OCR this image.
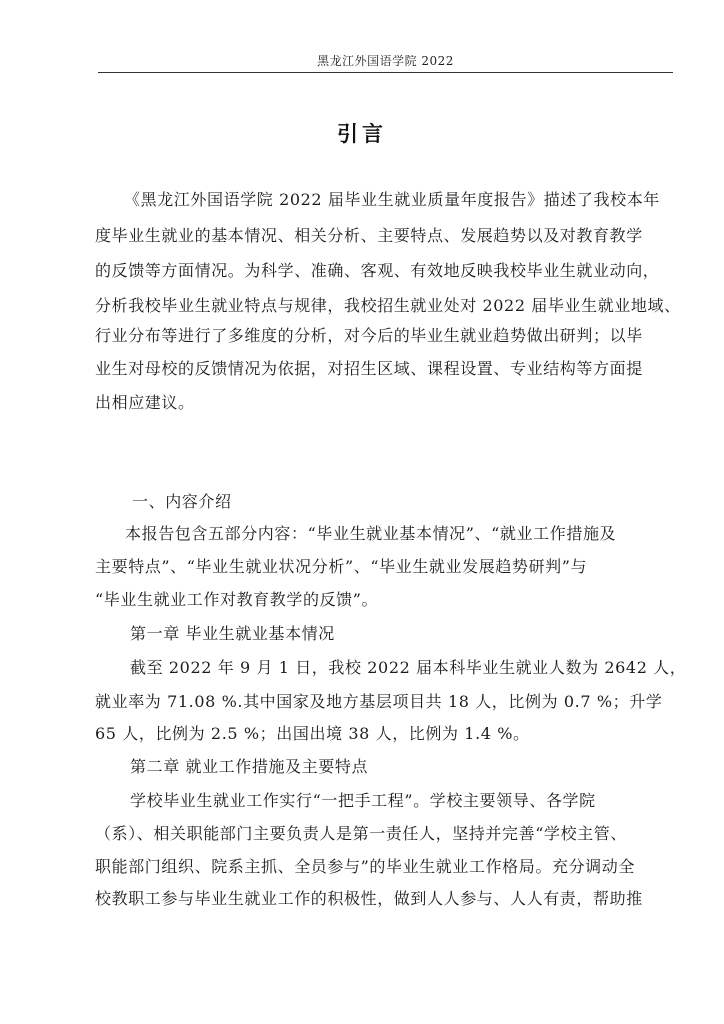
黑龙江外国语学院 2022
引言
《黑龙江外国语学院 2022 届毕业生就业质量年度报告》描述了我校本年
度毕业生就业的基本情况、相关分析、主要特点、发展趋势以及对教育教学
的反馈等方面情况。为科学、准确、客观、有效地反映我校毕业生就业动向，
分析我校毕业生就业特点与规律，我校招生就业处对 2022 届毕业生就业地域、
行业分布等进行了多维度的分析，对今后的毕业生就业趋势做出研判；以毕
业生对母校的反馈情况为依据，对招生区域、课程设置、专业结构等方面提
出相应建议。
一、内容介绍
本报告包含五部分内容：“毕业生就业基本情况”、“就业工作措施及
主要特点”、“毕业生就业状况分析”、“毕业生就业发展趋势研判”与
“毕业生就业工作对教育教学的反馈”。
第一章 毕业生就业基本情况
截至 2022 年 9 月 1 日，我校 2022 届本科毕业生就业人数为 2642 人，
就业率为 71.08 %.其中国家及地方基层项目共 18 人，比例为 0.7 %；升学
65 人，比例为 2.5 %；出国出境 38 人，比例为 1.4 %。
第二章 就业工作措施及主要特点
学校毕业生就业工作实行“一把手工程”。学校主要领导、各学院
（系）、相关职能部门主要负责人是第一责任人，坚持并完善“学校主管、
职能部门组织、院系主抓、全员参与”的毕业生就业工作格局。充分调动全
校教职工参与毕业生就业工作的积极性，做到人人参与、人人有责，帮助推
